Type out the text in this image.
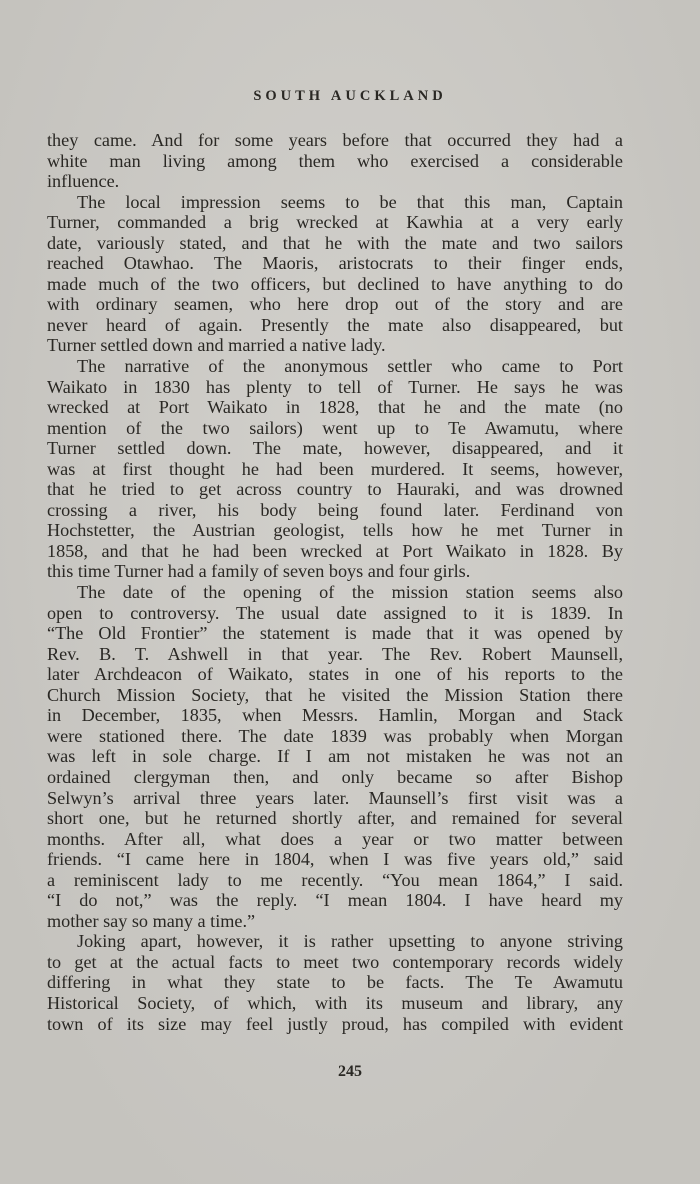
SOUTH AUCKLAND
they came. And for some years before that occurred they had a
white man living among them who exercised a considerable
influence.
The local impression seems to be that this man, Captain
Turner, commanded a brig wrecked at Kawhia at a very early
date, variously stated, and that he with the mate and two sailors
reached Otawhao. The Maoris, aristocrats to their finger ends,
made much of the two officers, but declined to have anything to do
with ordinary seamen, who here drop out of the story and are
never heard of again. Presently the mate also disappeared, but
Turner settled down and married a native lady.
The narrative of the anonymous settler who came to Port
Waikato in 1830 has plenty to tell of Turner. He says he was
wrecked at Port Waikato in 1828, that he and the mate (no
mention of the two sailors) went up to Te Awamutu, where
Turner settled down. The mate, however, disappeared, and it
was at first thought he had been murdered. It seems, however,
that he tried to get across country to Hauraki, and was drowned
crossing a river, his body being found later. Ferdinand von
Hochstetter, the Austrian geologist, tells how he met Turner in
1858, and that he had been wrecked at Port Waikato in 1828. By
this time Turner had a family of seven boys and four girls.
The date of the opening of the mission station seems also
open to controversy. The usual date assigned to it is 1839. In
“The Old Frontier” the statement is made that it was opened by
Rev. B. T. Ashwell in that year. The Rev. Robert Maunsell,
later Archdeacon of Waikato, states in one of his reports to the
Church Mission Society, that he visited the Mission Station there
in December, 1835, when Messrs. Hamlin, Morgan and Stack
were stationed there. The date 1839 was probably when Morgan
was left in sole charge. If I am not mistaken he was not an
ordained clergyman then, and only became so after Bishop
Selwyn’s arrival three years later. Maunsell’s first visit was a
short one, but he returned shortly after, and remained for several
months. After all, what does a year or two matter between
friends. “I came here in 1804, when I was five years old,” said
a reminiscent lady to me recently. “You mean 1864,” I said.
“I do not,” was the reply. “I mean 1804. I have heard my
mother say so many a time.”
Joking apart, however, it is rather upsetting to anyone striving
to get at the actual facts to meet two contemporary records widely
differing in what they state to be facts. The Te Awamutu
Historical Society, of which, with its museum and library, any
town of its size may feel justly proud, has compiled with evident
245
